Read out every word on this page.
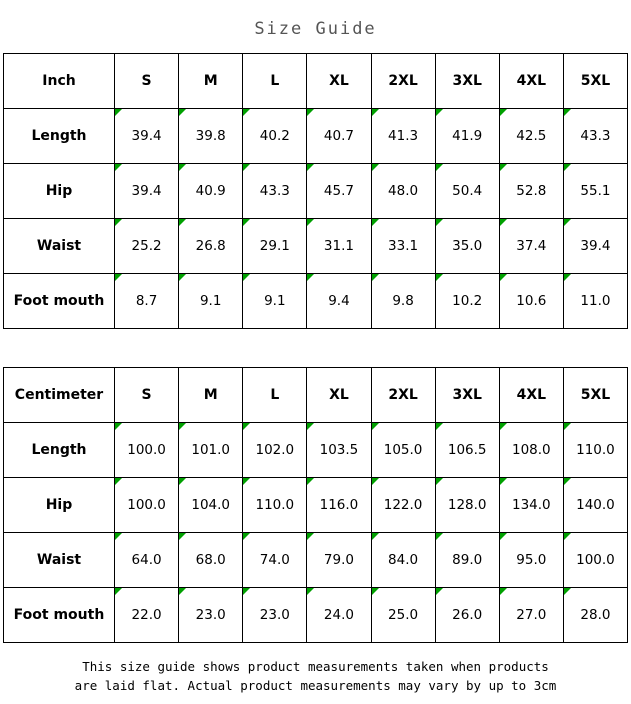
Size Guide
Inch	S	M	L	XL	2XL	3XL	4XL	5XL
Length	39.4	39.8	40.2	40.7	41.3	41.9	42.5	43.3
Hip	39.4	40.9	43.3	45.7	48.0	50.4	52.8	55.1
Waist	25.2	26.8	29.1	31.1	33.1	35.0	37.4	39.4
Foot mouth	8.7	9.1	9.1	9.4	9.8	10.2	10.6	11.0
Centimeter	S	M	L	XL	2XL	3XL	4XL	5XL
Length	100.0	101.0	102.0	103.5	105.0	106.5	108.0	110.0
Hip	100.0	104.0	110.0	116.0	122.0	128.0	134.0	140.0
Waist	64.0	68.0	74.0	79.0	84.0	89.0	95.0	100.0
Foot mouth	22.0	23.0	23.0	24.0	25.0	26.0	27.0	28.0
This size guide shows product measurements taken when products
are laid flat. Actual product measurements may vary by up to 3cm
